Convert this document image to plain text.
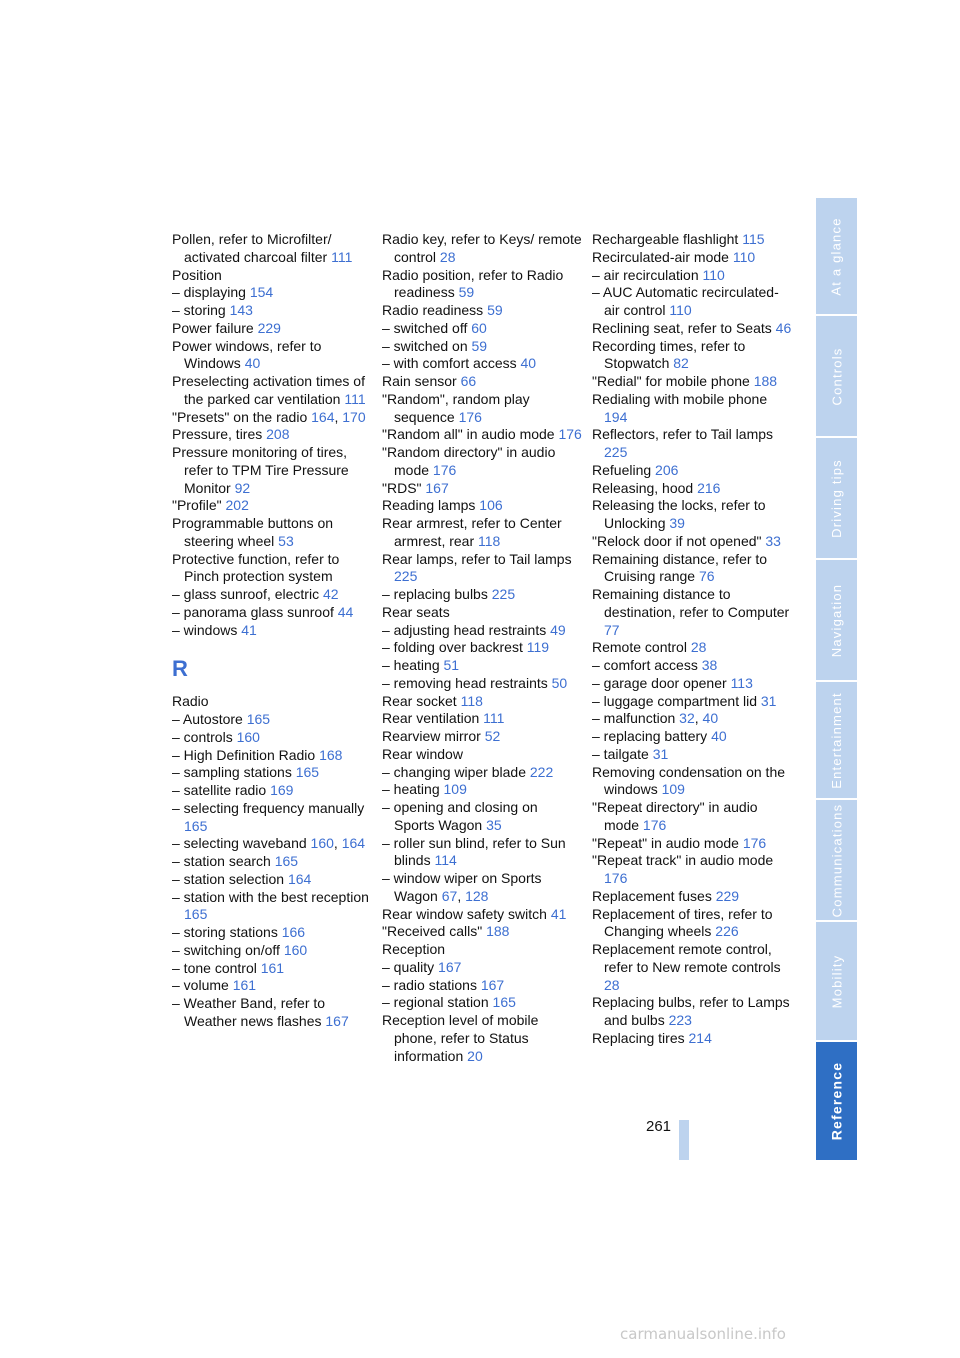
Pollen, refer to Microfilter/ activated charcoal filter 111
Position
– displaying 154
– storing 143
Power failure 229
Power windows, refer to Windows 40
Preselecting activation times of the parked car ventilation 111
"Presets" on the radio 164, 170
Pressure, tires 208
Pressure monitoring of tires, refer to TPM Tire Pressure Monitor 92
"Profile" 202
Programmable buttons on steering wheel 53
Protective function, refer to Pinch protection system
– glass sunroof, electric 42
– panorama glass sunroof 44
– windows 41
R
Radio
– Autostore 165
– controls 160
– High Definition Radio 168
– sampling stations 165
– satellite radio 169
– selecting frequency manually 165
– selecting waveband 160, 164
– station search 165
– station selection 164
– station with the best reception 165
– storing stations 166
– switching on/off 160
– tone control 161
– volume 161
– Weather Band, refer to Weather news flashes 167
Radio key, refer to Keys/ remote control 28
Radio position, refer to Radio readiness 59
Radio readiness 59
– switched off 60
– switched on 59
– with comfort access 40
Rain sensor 66
"Random", random play sequence 176
"Random all" in audio mode 176
"Random directory" in audio mode 176
"RDS" 167
Reading lamps 106
Rear armrest, refer to Center armrest, rear 118
Rear lamps, refer to Tail lamps 225
– replacing bulbs 225
Rear seats
– adjusting head restraints 49
– folding over backrest 119
– heating 51
– removing head restraints 50
Rear socket 118
Rear ventilation 111
Rearview mirror 52
Rear window
– changing wiper blade 222
– heating 109
– opening and closing on Sports Wagon 35
– roller sun blind, refer to Sun blinds 114
– window wiper on Sports Wagon 67, 128
Rear window safety switch 41
"Received calls" 188
Reception
– quality 167
– radio stations 167
– regional station 165
Reception level of mobile phone, refer to Status information 20
Rechargeable flashlight 115
Recirculated-air mode 110
– air recirculation 110
– AUC Automatic recirculated-air control 110
Reclining seat, refer to Seats 46
Recording times, refer to Stopwatch 82
"Redial" for mobile phone 188
Redialing with mobile phone 194
Reflectors, refer to Tail lamps 225
Refueling 206
Releasing, hood 216
Releasing the locks, refer to Unlocking 39
"Relock door if not opened" 33
Remaining distance, refer to Cruising range 76
Remaining distance to destination, refer to Computer 77
Remote control 28
– comfort access 38
– garage door opener 113
– luggage compartment lid 31
– malfunction 32, 40
– replacing battery 40
– tailgate 31
Removing condensation on the windows 109
"Repeat directory" in audio mode 176
"Repeat" in audio mode 176
"Repeat track" in audio mode 176
Replacement fuses 229
Replacement of tires, refer to Changing wheels 226
Replacement remote control, refer to New remote controls 28
Replacing bulbs, refer to Lamps and bulbs 223
Replacing tires 214
At a glance
Controls
Driving tips
Navigation
Entertainment
Communications
Mobility
Reference
261
carmanualsonline.info
